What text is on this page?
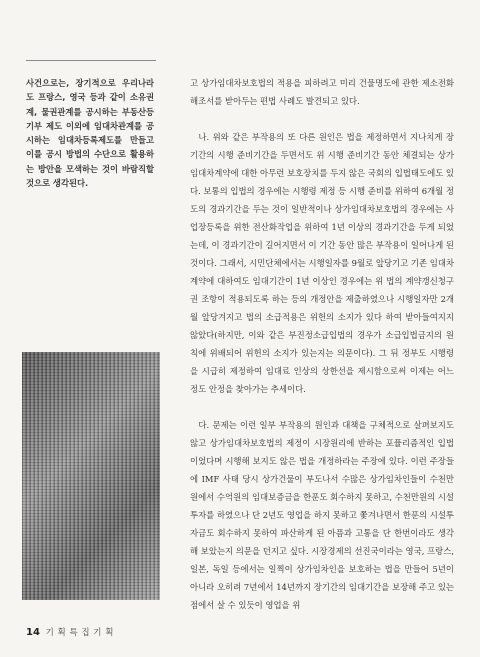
사건으로는, 장기적으로 우리나라도 프랑스, 영국 등과 같이 소유권계, 물권관계를 공시하는 부동산등기부 제도 이외에 임대차관계를 공시하는 임대차등록제도를 만들고 이를 공시 방법의 수단으로 활용하는 방안을 모색하는 것이 바람직할 것으로 생각된다.

고 상가임대차보호법의 적용을 피하려고 미리 건물명도에 관한 제소전화해조서를 받아두는 편법 사례도 발견되고 있다.

나. 위와 같은 부작용의 또 다른 원인은 법을 제정하면서 지나치게 장기간의 시행 준비기간을 두면서도 위 시행 준비기간 동안 체결되는 상가임대차계약에 대한 아무런 보호장치를 두지 않은 국회의 입법태도에도 있다. 보통의 입법의 경우에는 시행령 제정 등 시행 준비를 위하여 6개월 정도의 경과기간을 두는 것이 일반적이나 상가임대차보호법의 경우에는 사업장등록을 위한 전산화작업을 위하여 1년 이상의 경과기간을 두게 되었는데, 이 경과기간이 길어지면서 이 기간 동안 많은 부작용이 일어나게 된 것이다. 그래서, 시민단체에서는 시행일자를 9월로 앞당기고 기존 임대차계약에 대하여도 임대기간이 1년 이상인 경우에는 위 법의 계약갱신청구권 조항이 적용되도록 하는 등의 개정안을 제출하였으나 시행일자만 2개월 앞당겨지고 법의 소급적용은 위헌의 소지가 있다 하여 받아들여지지 않았다(하지만, 이와 같은 부진정소급입법의 경우가 소급입법금지의 원칙에 위배되어 위헌의 소지가 있는지는 의문이다). 그 뒤 정부도 시행령을 시급히 제정하여 임대료 인상의 상한선을 제시함으로써 이제는 어느 정도 안정을 찾아가는 추세이다.

다. 문제는 이런 일부 부작용의 원인과 대책을 구체적으로 살펴보지도 않고 상가임대차보호법의 제정이 시장원리에 반하는 포퓰리즘적인 입법이었다며 시행해 보지도 않은 법을 개정하라는 주장에 있다. 이런 주장들에 IMF 사태 당시 상가건물이 부도나서 수많은 상가임차인들이 수천만원에서 수억원의 임대보증금을 한푼도 회수하지 못하고, 수천만원의 시설투자를 하였으나 단 2년도 영업을 하지 못하고 쫓겨나면서 한푼의 시설투자금도 회수하지 못하여 파산하게 된 아픔과 고통을 단 한번이라도 생각해 보았는지 의문을 던지고 싶다. 시장경제의 선진국이라는 영국, 프랑스, 일본, 독일 등에서는 일찍이 상가임차인을 보호하는 법을 만들어 5년이 아니라 오히려 7년에서 14년까지 장기간의 임대기간을 보장해 주고 있는 점에서 살 수 있듯이 영업을 위

14 기 획 특 집 기 획
